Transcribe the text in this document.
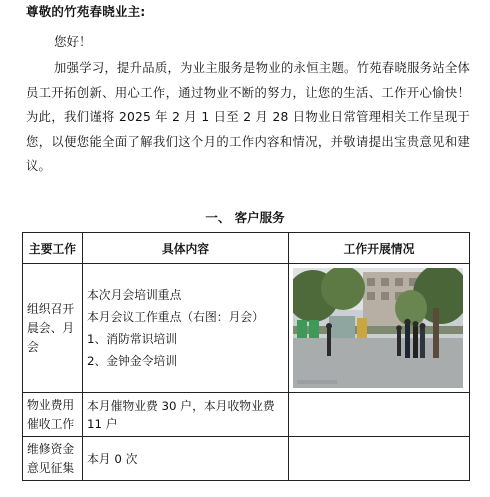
尊敬的竹苑春晓业主:
您好！
加强学习，提升品质，为业主服务是物业的永恒主题。竹苑春晓服务站全体员工开拓创新、用心工作，通过物业不断的努力，让您的生活、工作开心愉快！为此，我们谨将 2025 年 2 月 1 日至 2 月 28 日物业日常管理相关工作呈现于您，以便您能全面了解我们这个月的工作内容和情况，并敬请提出宝贵意见和建议。
一、 客户服务
主要工作	具体内容	工作开展情况
组织召开晨会、月会	本次月会培训重点
本月会议工作重点（右图：月会）
1、消防常识培训
2、金钟金令培训

物业费用催收工作	本月催物业费 30 户，本月收物业费 11 户	

维修资金意见征集	本月 0 次	
